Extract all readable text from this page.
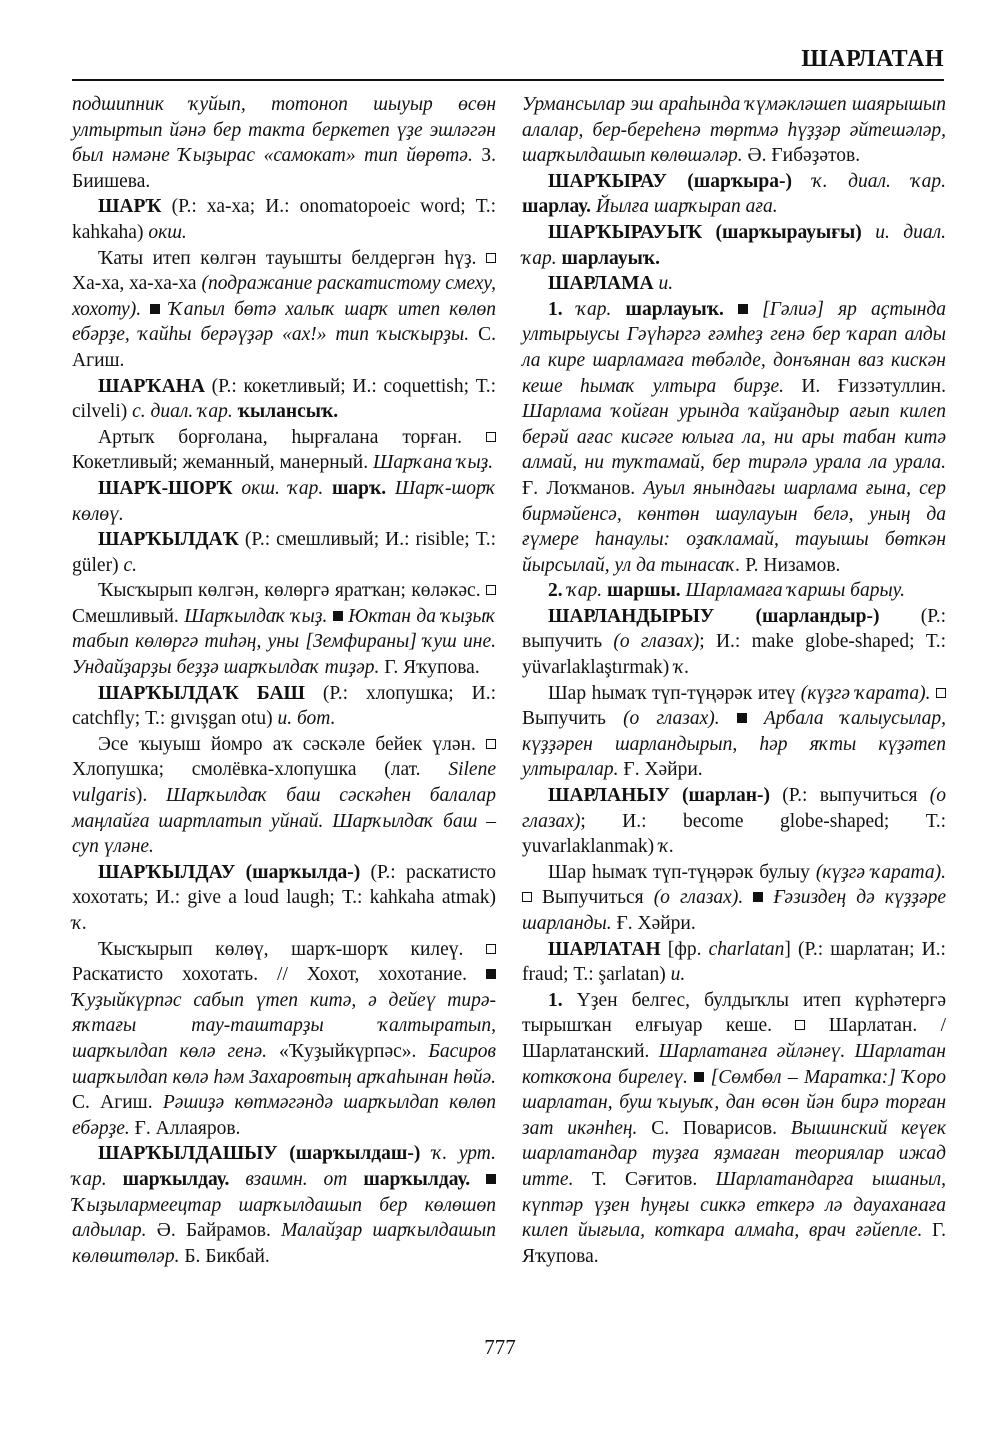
ШАРЛАТАН

подшипник ҡуйып, тотоноп шыуыр өсөн ултыртып йәнә бер такта беркетеп үҙе эшләгән был нәмәне Ҡыҙырас «самокат» тип йөрөтә. З. Биишева.

ШАРҠ (Р.: ха-ха; И.: onomatopoeic word; Т.: kahkaha) окш.

Ҡаты итеп көлгән тауышты белдергән һүҙ.  Ха-ха, ха-ха-ха (подражание раскатистому смеху, хохоту). Ҡапыл бөтә халыҡ шарҡ итеп көлөп ебәрҙе, ҡайһы берәүҙәр «ах!» тип ҡысҡырҙы. С. Агиш.

ШАРҠАНА (Р.: кокетливый; И.: coquettish; Т.: cilveli) с. диал. ҡар. ҡылансыҡ.

Артыҡ борғолана, һырғалана торған.  Кокетливый; жеманный, манерный. Шарҡана ҡыҙ.

ШАРҠ-ШОРҠ окш. ҡар. шарҡ. Шарҡ-шорҡ көлөү.

ШАРҠЫЛДАҠ (Р.: смешливый; И.: risible; Т.: güler) с.

Ҡысҡырып көлгән, көлөргә яратҡан; көләкәс.  Смешливый. Шарҡылдаҡ ҡыҙ. Юктан да ҡыҙыҡ табып көлөргә тиһәң, уны [Земфираны] ҡуш ине. Ундайҙарҙы беҙҙә шарҡылдаҡ тиҙәр. Г. Яҡупова.

ШАРҠЫЛДАҠ БАШ (Р.: хлопушка; И.: catchfly; Т.: gıvışgan otu) и. бот.

Эсе ҡыуыш йомро аҡ сәскәле бейек үлән.  Хлопушка; смолёвка-хлопушка (лат. Silene vulgaris). Шарҡылдаҡ баш сәскәһен балалар маңлайға шартлатып уйнай. Шарҡылдаҡ баш – суп үләне.

ШАРҠЫЛДАУ (шарҡылда-) (Р.: раскатисто хохотать; И.: give a loud laugh; Т.: kahkaha atmak) ҡ.

Ҡысҡырып көлөү, шарҡ-шорҡ килеү.  Раскатисто хохотать. // Хохот, хохотание.  Ҡуҙыйкүрпәс сабып үтеп китә, ә дейеү тирә-яҡтағы тау-таштарҙы ҡалтыратып, шарҡылдап көлә генә. «Ҡуҙыйкүрпәс». Басиров шарҡылдап көлә һәм Захаровтың арҡаһынан һөйә. С. Агиш. Рәшиҙә көтмәгәндә шарҡылдап көлөп ебәрҙе. Ғ. Аллаяров.

ШАРҠЫЛДАШЫУ (шарҡылдаш-) ҡ. урт. ҡар. шарҡылдау. взаимн. от шарҡылдау.  Ҡыҙылармеецтар шарҡылдашып бер көлөшөп алдылар. Ә. Байрамов. Малайҙар шарҡылдашып көлөштөләр. Б. Бикбай.

Урмансылар эш араһында ҡүмәкләшеп шаярышып алалар, бер-береһенә төртмә һүҙҙәр әйтешәләр, шарҡылдашып көлөшәләр. Ә. Ғибәҙәтов.

ШАРҠЫРАУ (шарҡыра-) ҡ. диал. ҡар. шарлау. Йылға шарҡырап аға.

ШАРҠЫРАУЫҠ (шарҡырауығы) и. диал. ҡар. шарлауыҡ.

ШАРЛАМА и.

1. ҡар. шарлауыҡ. [Гәлиә] яр аҫтында ултырыусы Гәүһәргә ғәмһеҙ генә бер ҡарап алды ла кире шарламаға төбәлде, донъянан ваз кискән кеше һымаҡ ултыра бирҙе. И. Ғиззәтуллин. Шарлама ҡойған урында ҡайҙандыр ағып килеп берәй ағас кисәге юлыға ла, ни ары табан китә алмай, ни туҡтамай, бер тирәлә урала ла урала. Ғ. Лоҡманов. Ауыл янындағы шарлама ғына, сер бирмәйенсә, көнтөн шаулауын белә, уның да ғүмере һанаулы: оҙаҡламай, тауышы бөткән йырсылай, ул да тынасаҡ. Р. Низамов.

2. ҡар. шаршы. Шарламаға ҡаршы барыу.

ШАРЛАНДЫРЫУ (шарландыр-) (Р.: выпучить (о глазах); И.: make globe-shaped; Т.: yüvarlaklaştırmak) ҡ.

Шар һымаҡ түп-түңәрәк итеү (күҙгә ҡарата).  Выпучить (о глазах). Арбала ҡалыусылар, күҙҙәрен шарландырып, һәр яҡты күҙәтеп ултыралар. Ғ. Хәйри.

ШАРЛАНЫУ (шарлан-) (Р.: выпучиться (о глазах); И.: become globe-shaped; Т.: yuvarlaklanmak) ҡ.

Шар һымаҡ түп-түңәрәк булыу (күҙгә ҡарата).  Выпучиться (о глазах). Ғәзиздең дә күҙҙәре шарланды. Ғ. Хәйри.

ШАРЛАТАН [фр. charlatan] (Р.: шарлатан; И.: fraud; Т.: şarlatan) и.

1. Үҙен белгес, булдыҡлы итеп күрһәтергә тырышҡан елғыуар кеше.  Шарлатан. / Шарлатанский. Шарлатанға әйләнеү. Шарлатан коткоҡона бирелеү. [Сөмбөл – Маратка:] Ҡоро шарлатан, буш ҡыуыҡ, дан өсөн йән бирә торған зат икәнһең. С. Поварисов. Вышинский кеүек шарлатандар туҙға яҙмаған теориялар ижад итте. Т. Сәғитов. Шарлатандарға ышаныл, күптәр үҙен һуңғы сиккә еткерә лә дауаханаға килеп йығыла, коткара алмаһа, врач ғәйепле. Г. Яҡупова.

777
